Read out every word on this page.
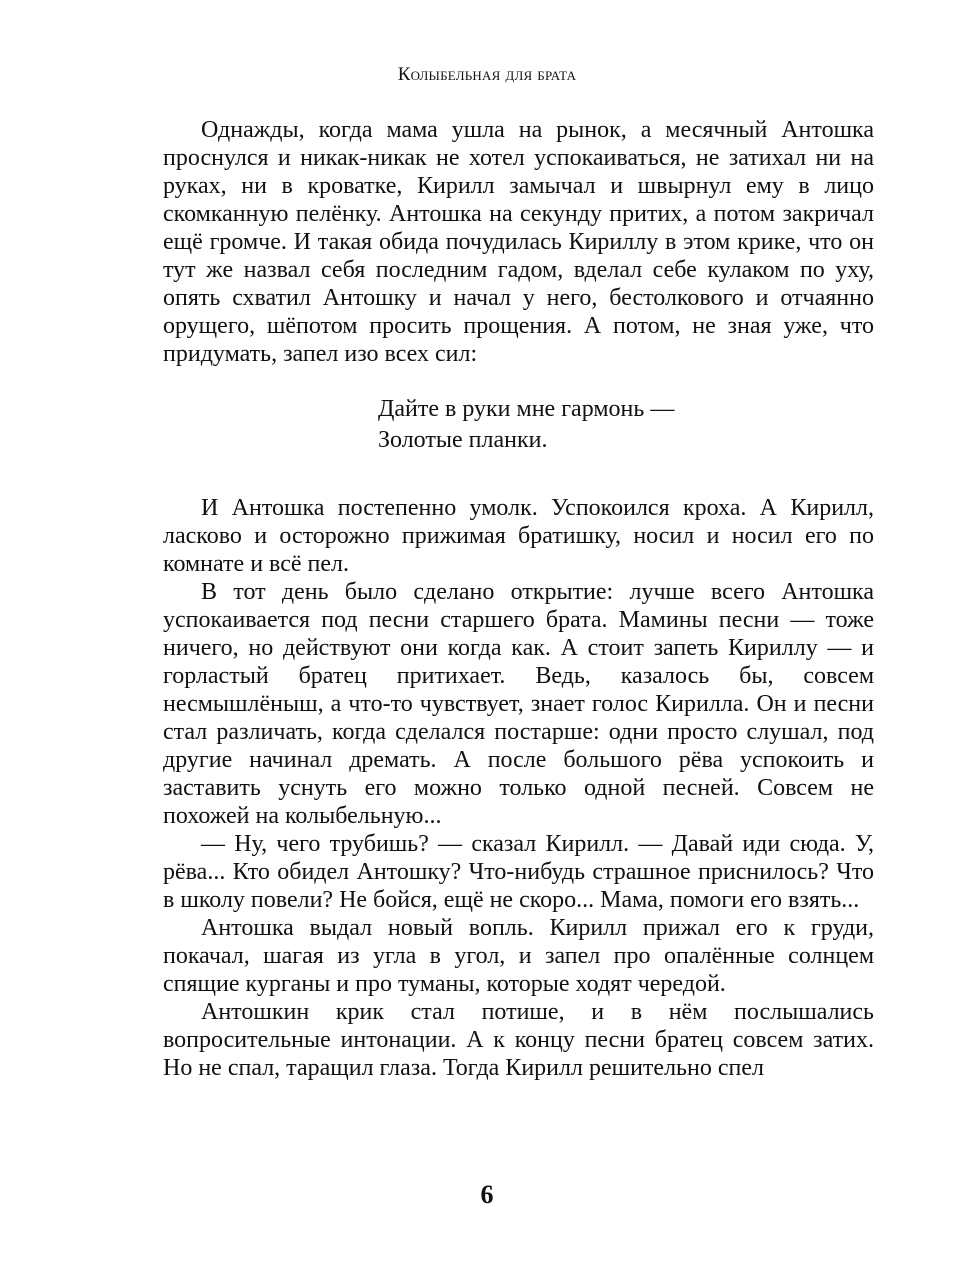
Колыбельная для брата

Однажды, когда мама ушла на рынок, а месячный Антошка проснулся и никак-никак не хотел успокаиваться, не затихал ни на руках, ни в кроватке, Кирилл замычал и швырнул ему в лицо скомканную пелёнку. Антошка на секунду притих, а потом закричал ещё громче. И такая обида почудилась Кириллу в этом крике, что он тут же назвал себя последним гадом, вделал себе кулаком по уху, опять схватил Антошку и начал у него, бестолкового и отчаянно орущего, шёпотом просить прощения. А потом, не зная уже, что придумать, запел изо всех сил:

Дайте в руки мне гармонь —
Золотые планки.

И Антошка постепенно умолк. Успокоился кроха. А Кирилл, ласково и осторожно прижимая братишку, носил и носил его по комнате и всё пел.

В тот день было сделано открытие: лучше всего Антошка успокаивается под песни старшего брата. Мамины песни — тоже ничего, но действуют они когда как. А стоит запеть Кириллу — и горластый братец притихает. Ведь, казалось бы, совсем несмышлёныш, а что-то чувствует, знает голос Кирилла. Он и песни стал различать, когда сделался постарше: одни просто слушал, под другие начинал дремать. А после большого рёва успокоить и заставить уснуть его можно только одной песней. Совсем не похожей на колыбельную...

— Ну, чего трубишь? — сказал Кирилл. — Давай иди сюда. У, рёва... Кто обидел Антошку? Что-нибудь страшное приснилось? Что в школу повели? Не бойся, ещё не скоро... Мама, помоги его взять...

Антошка выдал новый вопль. Кирилл прижал его к груди, покачал, шагая из угла в угол, и запел про опалённые солнцем спящие курганы и про туманы, которые ходят чередой.

Антошкин крик стал потише, и в нём послышались вопросительные интонации. А к концу песни братец совсем затих. Но не спал, таращил глаза. Тогда Кирилл решительно спел

6
